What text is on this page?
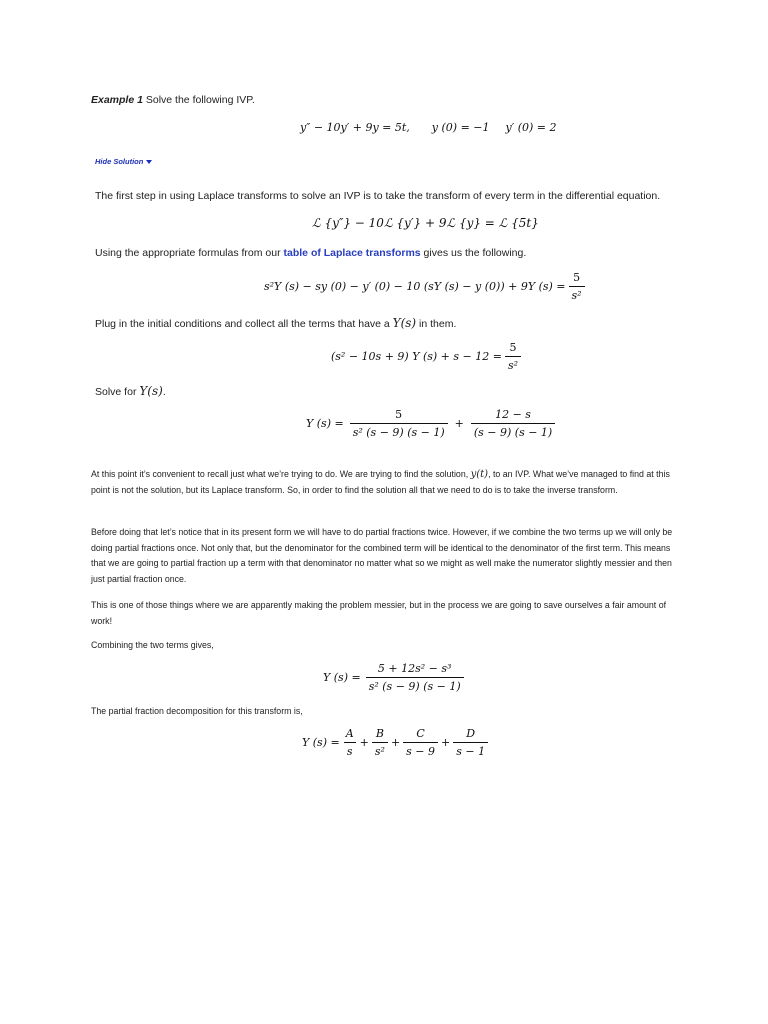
Example 1 Solve the following IVP.

y″ − 10y′ + 9y = 5t, y (0) = −1 y′ (0) = 2
Hide Solution

The first step in using Laplace transforms to solve an IVP is to take the transform of every term in the differential equation.

ℒ {y″} − 10ℒ {y′} + 9ℒ {y} = ℒ {5t}

Using the appropriate formulas from our table of Laplace transforms gives us the following.

s²Y (s) − sy (0) − y′ (0) − 10 (sY (s) − y (0)) + 9Y $(s) = \frac{5}{\text{s²}}$

Plug in the initial conditions and collect all the terms that have a Y(s) in them.

(s² − 10s + 9) Y $(s) + s - 12 = \frac{5}{\text{s²}}$

Solve for Y(s).

Y $(s) = \frac{5}{\text{s² (s − 9) (s − 1)}} + \frac{12 - s}{(s - 9) (s - 1)}$

At this point it’s convenient to recall just what we’re trying to do. We are trying to find the solution, y(t), to an IVP. What we’ve managed to find at this point is not the solution, but its Laplace transform. So, in order to find the solution all that we need to do is to take the inverse transform.

Before doing that let’s notice that in its present form we will have to do partial fractions twice. However, if we combine the two terms up we will only be doing partial fractions once. Not only that, but the denominator for the combined term will be identical to the denominator of the first term. This means that we are going to partial fraction up a term with that denominator no matter what so we might as well make the numerator slightly messier and then just partial fraction once.

This is one of those things where we are apparently making the problem messier, but in the process we are going to save ourselves a fair amount of work!

Combining the two terms gives,

Y $(s) = \frac{\text{5 + 12s² − s³}}{\text{s² (s − 9) (s − 1)}}$

The partial fraction decomposition for this transform is,

Y $(s) = \frac{A}{s} + \frac{B}{\text{s²}} + \frac{C}{s - 9} + \frac{D}{s - 1}$
